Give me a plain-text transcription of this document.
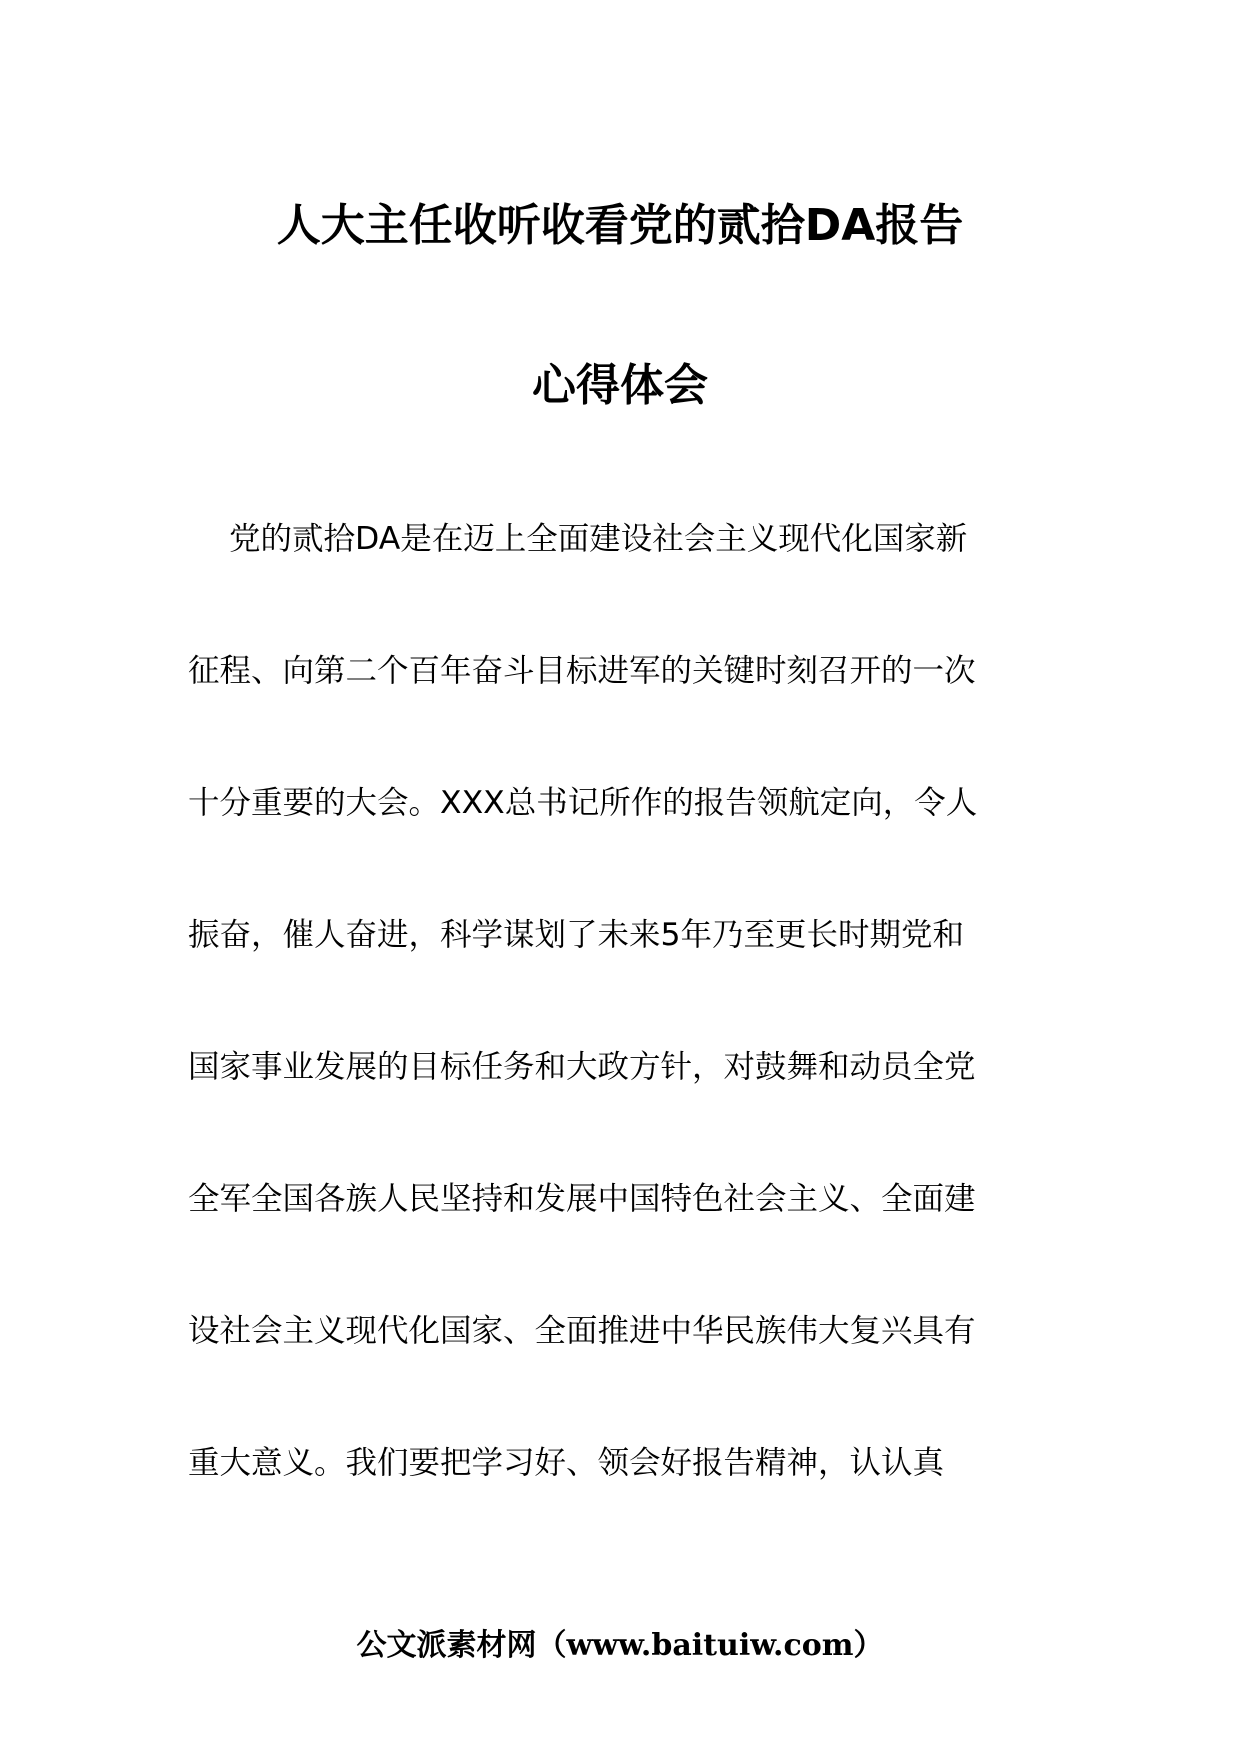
人大主任收听收看党的贰拾DA报告
心得体会

党的贰拾DA是在迈上全面建设社会主义现代化国家新

征程、向第二个百年奋斗目标进军的关键时刻召开的一次

十分重要的大会。XXX总书记所作的报告领航定向，令人

振奋，催人奋进，科学谋划了未来5年乃至更长时期党和

国家事业发展的目标任务和大政方针，对鼓舞和动员全党

全军全国各族人民坚持和发展中国特色社会主义、全面建

设社会主义现代化国家、全面推进中华民族伟大复兴具有

重大意义。我们要把学习好、领会好报告精神，认认真

公文派素材网（www.baituiw.com）
